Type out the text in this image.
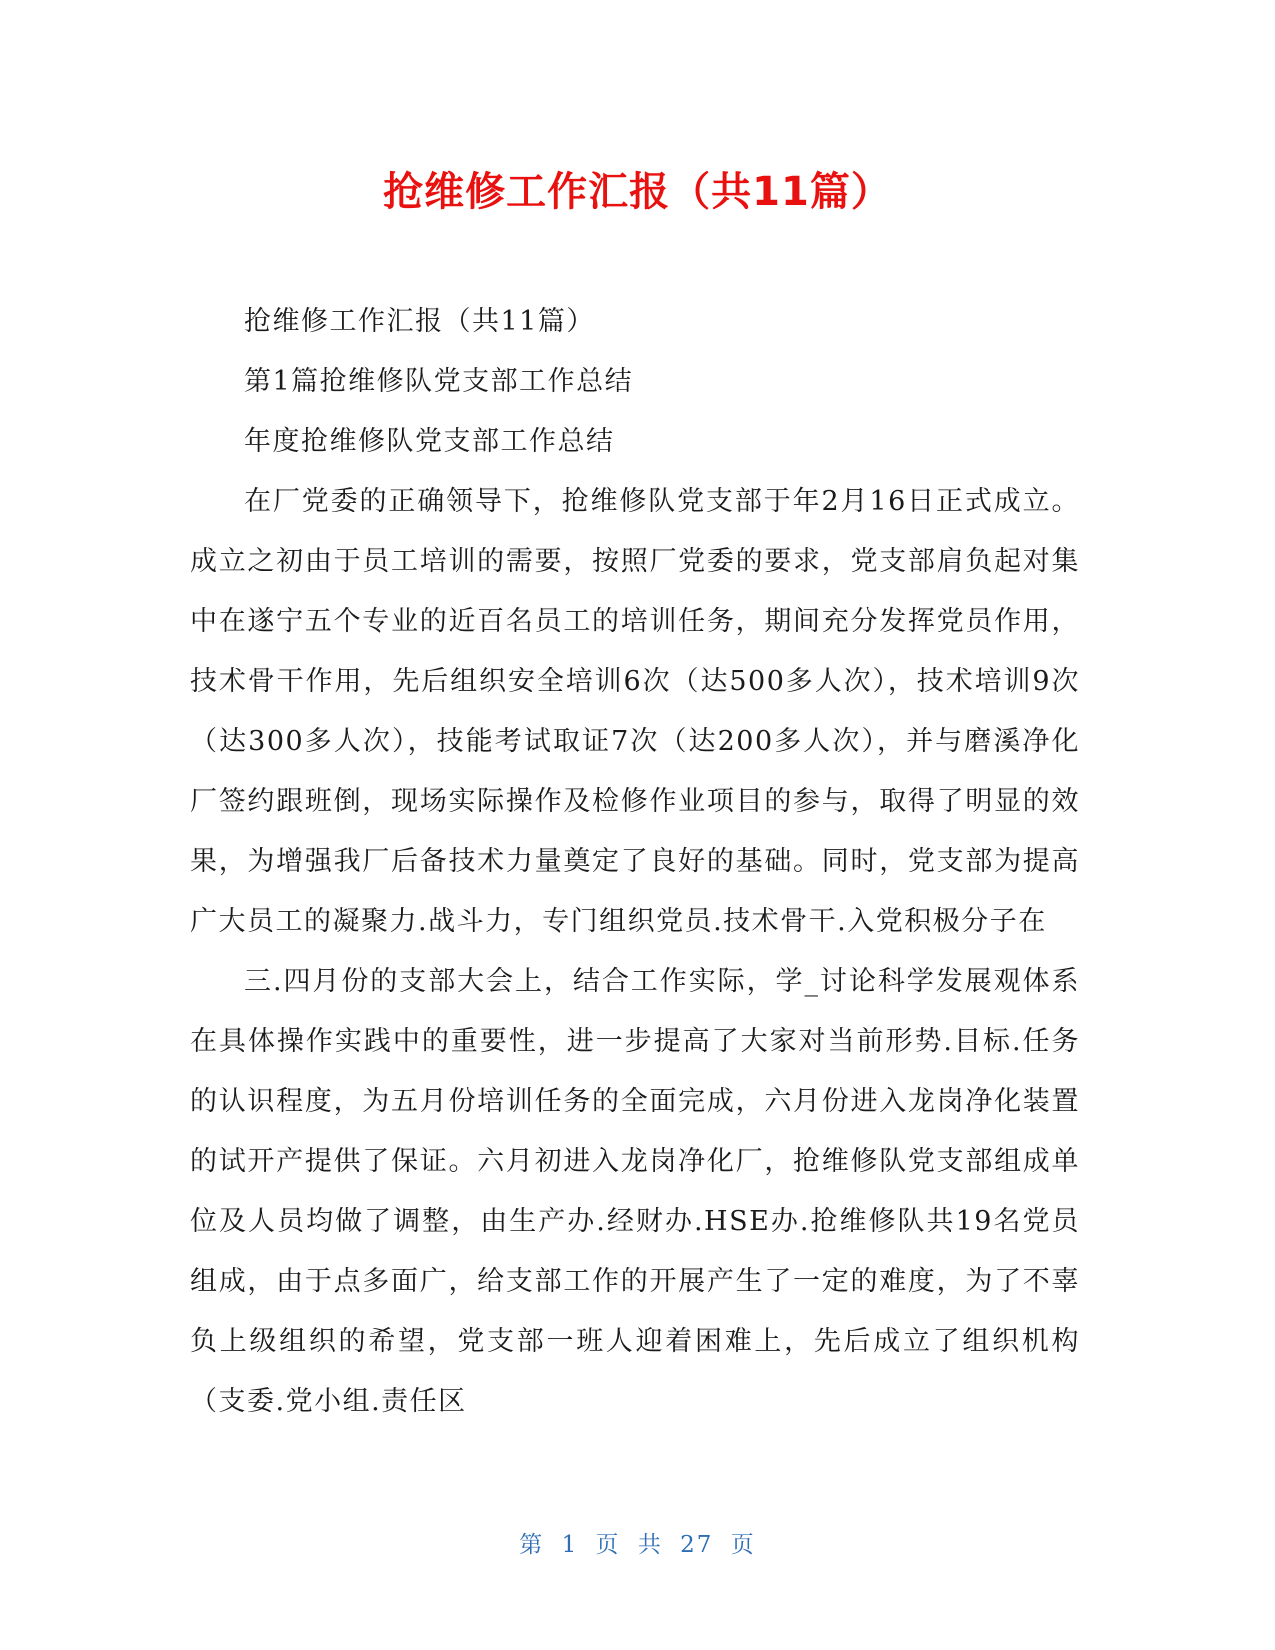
抢维修工作汇报（共11篇）

抢维修工作汇报（共11篇）

第1篇抢维修队党支部工作总结

年度抢维修队党支部工作总结

在厂党委的正确领导下，抢维修队党支部于年2月16日正式成立。成立之初由于员工培训的需要，按照厂党委的要求，党支部肩负起对集中在遂宁五个专业的近百名员工的培训任务，期间充分发挥党员作用，技术骨干作用，先后组织安全培训6次（达500多人次），技术培训9次（达300多人次），技能考试取证7次（达200多人次），并与磨溪净化厂签约跟班倒，现场实际操作及检修作业项目的参与，取得了明显的效果，为增强我厂后备技术力量奠定了良好的基础。同时，党支部为提高广大员工的凝聚力.战斗力，专门组织党员.技术骨干.入党积极分子在

三.四月份的支部大会上，结合工作实际，学_讨论科学发展观体系在具体操作实践中的重要性，进一步提高了大家对当前形势.目标.任务的认识程度，为五月份培训任务的全面完成，六月份进入龙岗净化装置的试开产提供了保证。六月初进入龙岗净化厂，抢维修队党支部组成单位及人员均做了调整，由生产办.经财办.HSE办.抢维修队共19名党员组成，由于点多面广，给支部工作的开展产生了一定的难度，为了不辜负上级组织的希望，党支部一班人迎着困难上，先后成立了组织机构（支委.党小组.责任区

第 1 页 共 27 页
